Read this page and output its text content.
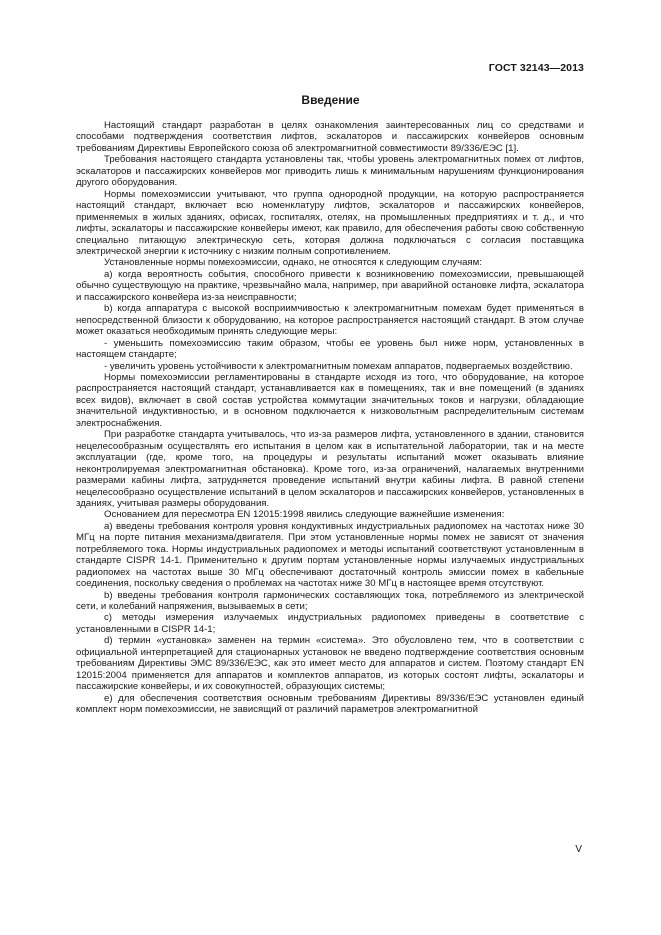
ГОСТ 32143—2013
Введение

Настоящий стандарт разработан в целях ознакомления заинтересованных лиц со средствами и способами подтверждения соответствия лифтов, эскалаторов и пассажирских конвейеров основным требованиям Директивы Европейского союза об электромагнитной совместимости 89/336/ЕЭС [1].

Требования настоящего стандарта установлены так, чтобы уровень электромагнитных помех от лифтов, эскалаторов и пассажирских конвейеров мог приводить лишь к минимальным нарушениям функционирования другого оборудования.

Нормы помехоэмиссии учитывают, что группа однородной продукции, на которую распространяется настоящий стандарт, включает всю номенклатуру лифтов, эскалаторов и пассажирских конвейеров, применяемых в жилых зданиях, офисах, госпиталях, отелях, на промышленных предприятиях и т. д., и что лифты, эскалаторы и пассажирские конвейеры имеют, как правило, для обеспечения работы свою собственную специально питающую электрическую сеть, которая должна подключаться с согласия поставщика электрической энергии к источнику с низким полным сопротивлением.

Установленные нормы помехоэмиссии, однако, не относятся к следующим случаям:

а) когда вероятность события, способного привести к возникновению помехоэмиссии, превышающей обычно существующую на практике, чрезвычайно мала, например, при аварийной остановке лифта, эскалатора и пассажирского конвейера из-за неисправности;

b) когда аппаратура с высокой восприимчивостью к электромагнитным помехам будет применяться в непосредственной близости к оборудованию, на которое распространяется настоящий стандарт. В этом случае может оказаться необходимым принять следующие меры:

- уменьшить помехоэмиссию таким образом, чтобы ее уровень был ниже норм, установленных в настоящем стандарте;

- увеличить уровень устойчивости к электромагнитным помехам аппаратов, подвергаемых воздействию.

Нормы помехоэмиссии регламентированы в стандарте исходя из того, что оборудование, на которое распространяется настоящий стандарт, устанавливается как в помещениях, так и вне помещений (в зданиях всех видов), включает в свой состав устройства коммутации значительных токов и нагрузки, обладающие значительной индуктивностью, и в основном подключается к низковольтным распределительным системам электроснабжения.

При разработке стандарта учитывалось, что из-за размеров лифта, установленного в здании, становится нецелесообразным осуществлять его испытания в целом как в испытательной лаборатории, так и на месте эксплуатации (где, кроме того, на процедуры и результаты испытаний может оказывать влияние неконтролируемая электромагнитная обстановка). Кроме того, из-за ограничений, налагаемых внутренними размерами кабины лифта, затрудняется проведение испытаний внутри кабины лифта. В равной степени нецелесообразно осуществление испытаний в целом эскалаторов и пассажирских конвейеров, установленных в зданиях, учитывая размеры оборудования.

Основанием для пересмотра EN 12015:1998 явились следующие важнейшие изменения:

а) введены требования контроля уровня кондуктивных индустриальных радиопомех на частотах ниже 30 МГц на порте питания механизма/двигателя. При этом установленные нормы помех не зависят от значения потребляемого тока. Нормы индустриальных радиопомех и методы испытаний соответствуют установленным в стандарте CISPR 14-1. Применительно к другим портам установленные нормы излучаемых индустриальных радиопомех на частотах выше 30 МГц обеспечивают достаточный контроль эмиссии помех в кабельные соединения, поскольку сведения о проблемах на частотах ниже 30 МГц в настоящее время отсутствуют.

b) введены требования контроля гармонических составляющих тока, потребляемого из электрической сети, и колебаний напряжения, вызываемых в сети;

c) методы измерения излучаемых индустриальных радиопомех приведены в соответствие с установленными в CISPR 14-1;

d) термин «установка» заменен на термин «система». Это обусловлено тем, что в соответствии с официальной интерпретацией для стационарных установок не введено подтверждение соответствия основным требованиям Директивы ЭМС 89/336/ЕЭС, как это имеет место для аппаратов и систем. Поэтому стандарт EN 12015:2004 применяется для аппаратов и комплектов аппаратов, из которых состоят лифты, эскалаторы и пассажирские конвейеры, и их совокупностей, образующих системы;

е) для обеспечения соответствия основным требованиям Директивы 89/336/ЕЭС установлен единый комплект норм помехоэмиссии, не зависящий от различий параметров электромагнитной

V
